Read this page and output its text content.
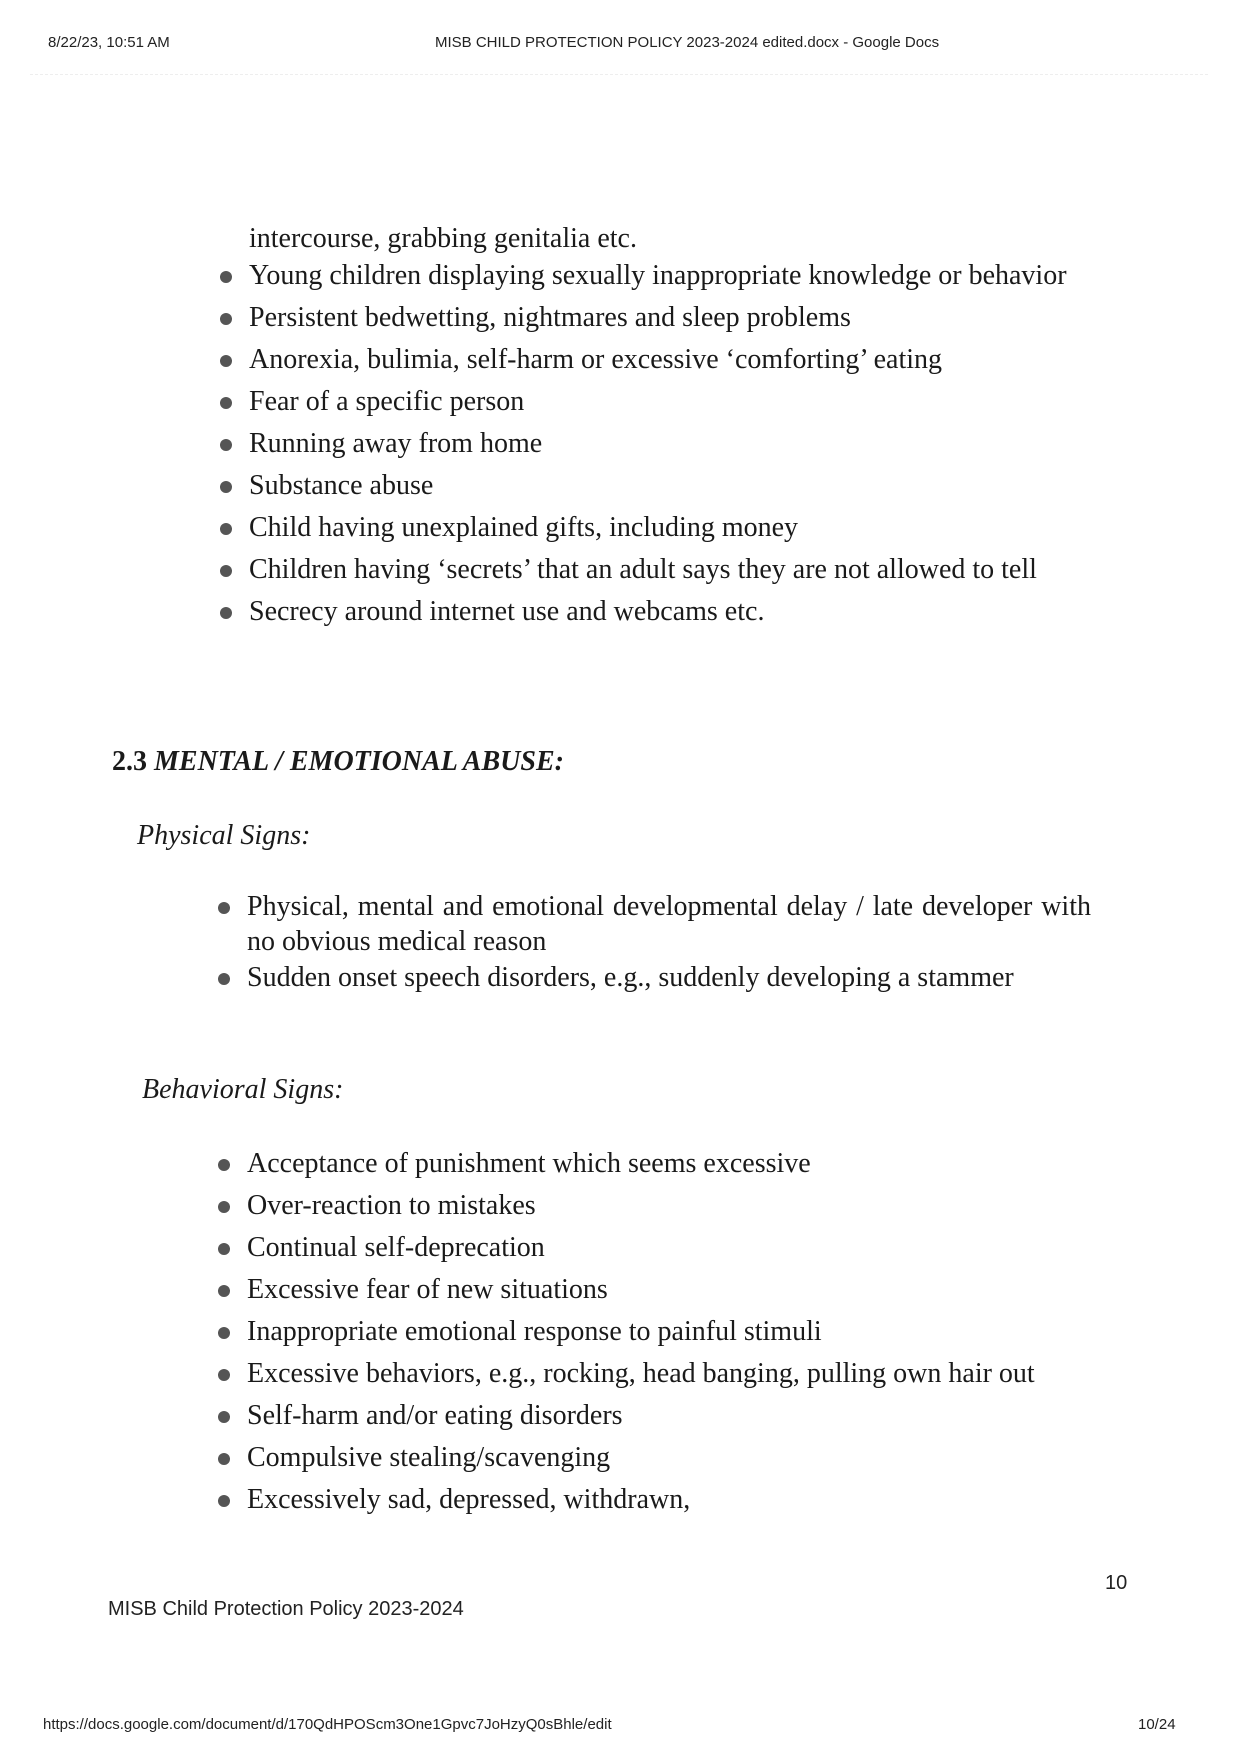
8/22/23, 10:51 AM	MISB CHILD PROTECTION POLICY 2023-2024 edited.docx - Google Docs
intercourse, grabbing genitalia etc.
Young children displaying sexually inappropriate knowledge or behavior
Persistent bedwetting, nightmares and sleep problems
Anorexia, bulimia, self-harm or excessive ‘comforting’ eating
Fear of a specific person
Running away from home
Substance abuse
Child having unexplained gifts, including money
Children having ‘secrets’ that an adult says they are not allowed to tell
Secrecy around internet use and webcams etc.
2.3 MENTAL / EMOTIONAL ABUSE:
Physical Signs:
Physical, mental and emotional developmental delay / late developer with no obvious medical reason
Sudden onset speech disorders, e.g., suddenly developing a stammer
Behavioral Signs:
Acceptance of punishment which seems excessive
Over-reaction to mistakes
Continual self-deprecation
Excessive fear of new situations
Inappropriate emotional response to painful stimuli
Excessive behaviors, e.g., rocking, head banging, pulling own hair out
Self-harm and/or eating disorders
Compulsive stealing/scavenging
Excessively sad, depressed, withdrawn,
10
MISB Child Protection Policy 2023-2024
https://docs.google.com/document/d/170QdHPOScm3One1Gpvc7JoHzyQ0sBhle/edit	10/24
